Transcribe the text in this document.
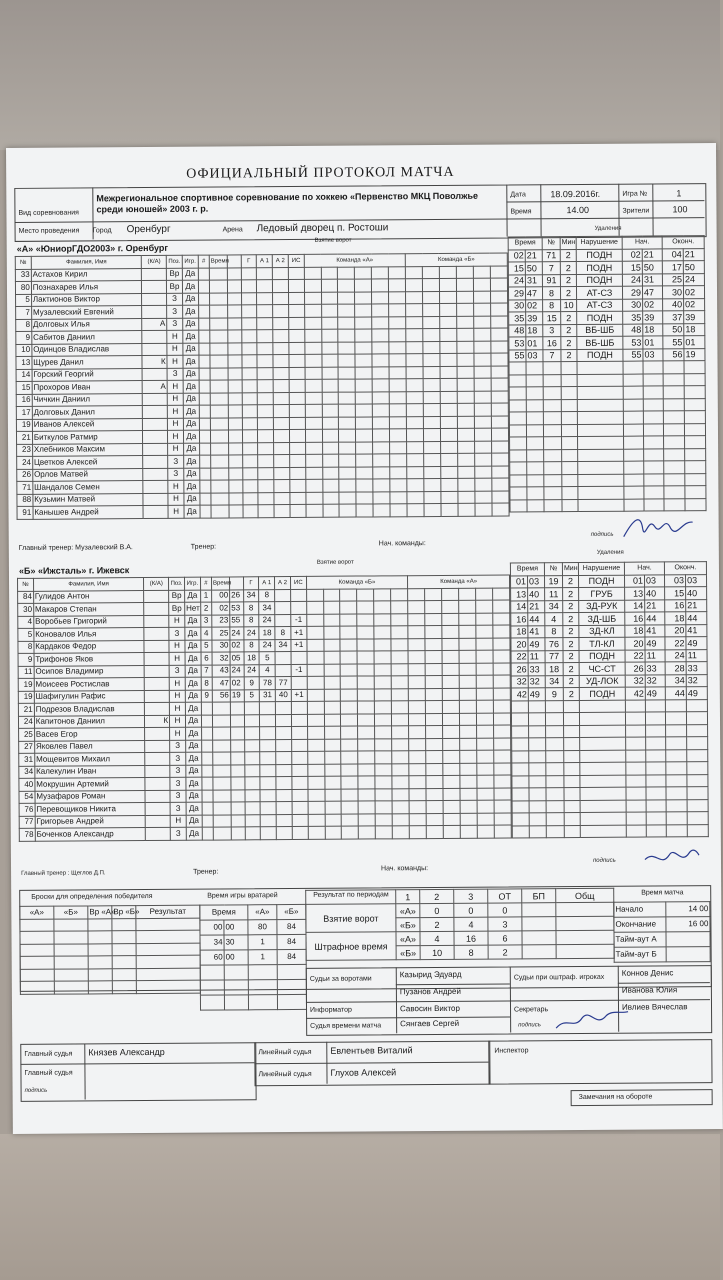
ОФИЦИАЛЬНЫЙ ПРОТОКОЛ МАТЧА
Вид соревнования
Межрегиональное спортивное соревнование по хоккею «Первенство МКЦ Поволжье среди юношей» 2003 г. р.
Дата	18.09.2016г.	Игра №	1
Время	14.00	Зрители	100
Место проведения Город Оренбург	Арена Ледовый дворец п. Ростоши
«А» «ЮниорГДО2003» г. Оренбург
Взятие ворот
Удаления
№	Фамилия, Имя	(К/А)	Поз.	Игр.	#	Время		Г	А 1	А 2	ИС	Команда «А»						Команда «Б»					
33	Астахов Кирил		Вр	Да																			
80	Познахарев Илья		Вр	Да																			
5	Лактионов Виктор		З	Да																			
7	Музалевский Евгений		З	Да																			
8	Долговых Илья	А	З	Да																			
9	Сабитов Даниил		Н	Да																			
10	Одинцов Владислав		Н	Да																			
13	Щурев Данил	К	Н	Да																			
14	Горский Георгий		З	Да																			
15	Прохоров Иван	А	Н	Да																			
16	Чичкин Даниил		Н	Да																			
17	Долговых Данил		Н	Да																			
19	Иванов Алексей		Н	Да																			
21	Биткулов Ратмир		Н	Да																			
23	Хлебников Максим		Н	Да																			
24	Цветков Алексей		З	Да																			
26	Орлов Матвей		З	Да																			
71	Шандалов Семен		Н	Да																			
88	Кузьмин Матвей		Н	Да																			
91	Канышев Андрей		Н	Да																			
Время		№	Мин	Нарушение	Нач.		Оконч.	
02	21	71	2	ПОДН	02	21	04	21
15	50	7	2	ПОДН	15	50	17	50
24	31	91	2	ПОДН	24	31	25	24
29	47	8	2	АТ-СЗ	29	47	30	02
30	02	8	10	АТ-СЗ	30	02	40	02
35	39	15	2	ПОДН	35	39	37	39
48	18	3	2	ВБ-ШБ	48	18	50	18
53	01	16	2	ВБ-ШБ	53	01	55	01
55	03	7	2	ПОДН	55	03	56	19

Главный тренер: Музалевский В.А.	Тренер:	Нач. команды:
подпись
«Б» «Ижсталь» г. Ижевск
Взятие ворот
Удаления
№	Фамилия, Имя	(К/А)	Поз.	Игр.	#	Время		Г	А 1	А 2	ИС	Команда «Б»						Команда «А»					
84	Гулидов Антон		Вр	Да	1	00	26	34	8														
30	Макаров Степан		Вр	Нет	2	02	53	8	34														
4	Воробьев Григорий		Н	Да	3	23	55	8	24		-1												
5	Коновалов Илья		З	Да	4	25	24	24	18	8	+1												
8	Кардаков Федор		Н	Да	5	30	02	8	24	34	+1												
9	Трифонов Яков		Н	Да	6	32	05	18	5														
11	Осипов Владимир		З	Да	7	43	24	24	4		-1												
19	Моисеев Ростислав		Н	Да	8	47	02	9	78	77													
19	Шафигулин Рафис		Н	Да	9	56	19	5	31	40	+1												
21	Подрезов Владислав		Н	Да																			
24	Капитонов Даниил	К	Н	Да																			
25	Васев Егор		Н	Да																			
27	Яковлев Павел		З	Да																			
31	Мощевитов Михаил		З	Да																			
34	Калекулин Иван		З	Да																			
40	Мокрушин Артемий		З	Да																			
54	Музафаров Роман		З	Да																			
76	Перевощиков Никита		З	Да																			
77	Григорьев Андрей		Н	Да																			
78	Боченков Александр		З	Да																			
Время		№	Мин	Нарушение	Нач.		Оконч.	
01	03	19	2	ПОДН	01	03	03	03
13	40	11	2	ГРУБ	13	40	15	40
14	21	34	2	ЗД-РУК	14	21	16	21
16	44	4	2	ЗД-ШБ	16	44	18	44
18	41	8	2	ЗД-КЛ	18	41	20	41
20	49	76	2	ТЛ-КЛ	20	49	22	49
22	11	77	2	ПОДН	22	11	24	11
26	33	18	2	ЧС-СТ	26	33	28	33
32	32	34	2	УД-ЛОК	32	32	34	32
42	49	9	2	ПОДН	42	49	44	49

Главный тренер : Щеглов Д.П.	Тренер:	Нач. команды:
подпись
Броски для определения победителя
«А»	«Б»	Вр «А»	Вр «Б»	Результат

Время игры вратарей
Время		«А»	«Б»
00	00	80	84
34	30	1	84
60	00	1	84

Результат по периодам
	1	2	3	ОТ	БП	Общ	
Взятие ворот	«А»	0	0	0			
	«Б»	2	4	3			
Штрафное время	«А»	4	16	6			
	«Б»	10	8	2			
Время матча
Начало	14 00
Окончание	16 00
Тайм-аут А	
Тайм-аут Б	
Судьи за воротами	Казырид Эдуард
Пузанов Андрей
Судьи при оштраф. игроках Коннов Денис
Иванова Юлия
Информатор	Савосин Виктор	Секретарь	Ивлиев Вячеслав
Судья времени матча Сянгаев Сергей	подпись
Главный судья Князев Александр
Главный судья
подпись
Линейный судья Евлентьев Виталий
Линейный судья Глухов Алексей
Инспектор
Замечания на обороте
